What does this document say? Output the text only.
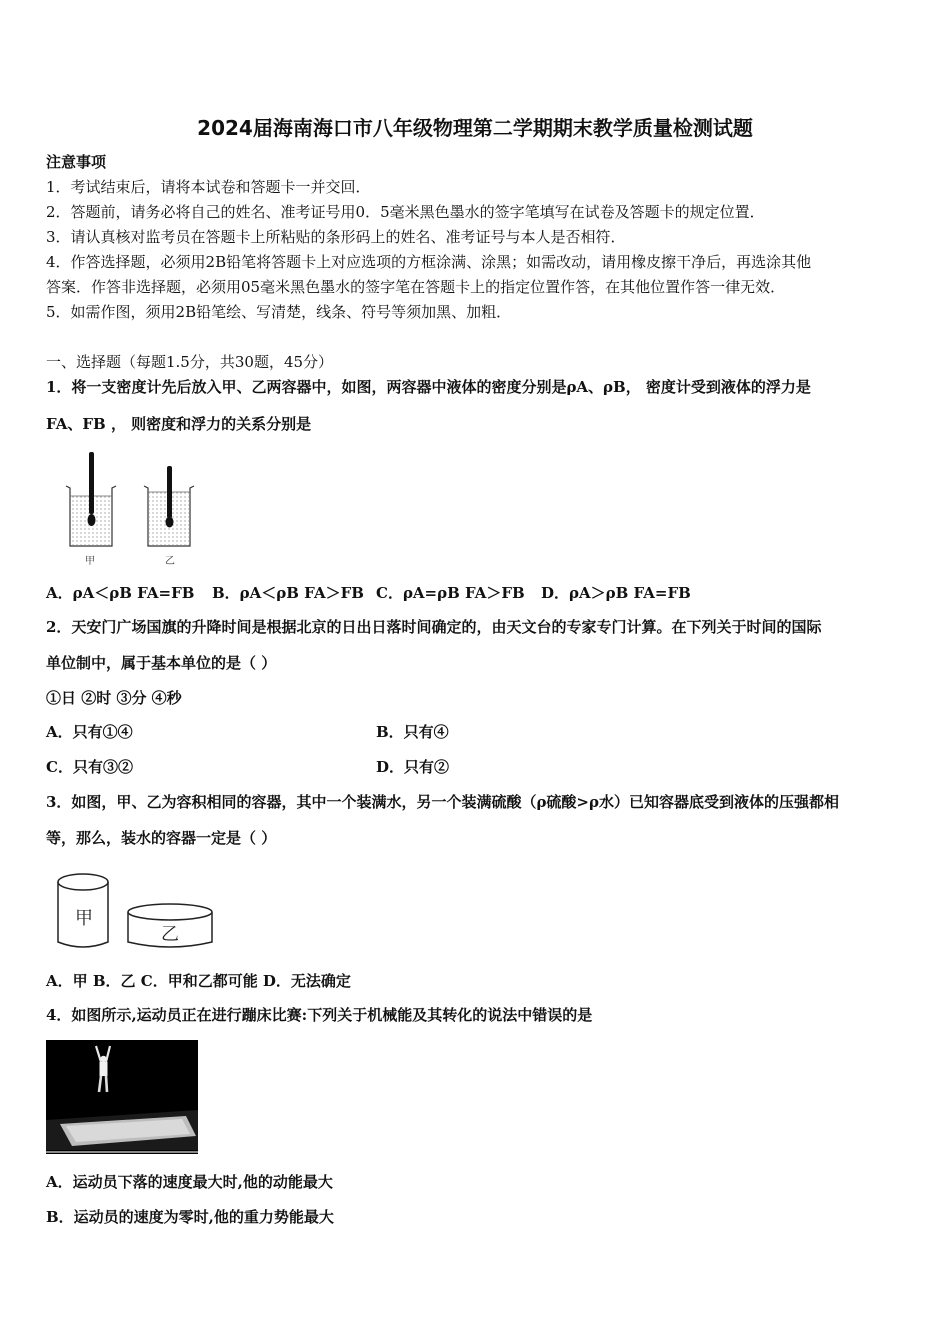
2024届海南海口市八年级物理第二学期期末教学质量检测试题
注意事项
1．考试结束后，请将本试卷和答题卡一并交回．
2．答题前，请务必将自己的姓名、准考证号用0．5毫米黑色墨水的签字笔填写在试卷及答题卡的规定位置．
3．请认真核对监考员在答题卡上所粘贴的条形码上的姓名、准考证号与本人是否相符．
4．作答选择题，必须用2B铅笔将答题卡上对应选项的方框涂满、涂黑；如需改动，请用橡皮擦干净后，再选涂其他
答案．作答非选择题，必须用05毫米黑色墨水的签字笔在答题卡上的指定位置作答，在其他位置作答一律无效．
5．如需作图，须用2B铅笔绘、写清楚，线条、符号等须加黑、加粗．
一、选择题（每题1.5分，共30题，45分）
1．将一支密度计先后放入甲、乙两容器中，如图，两容器中液体的密度分别是ρA、ρB， 密度计受到液体的浮力是
FA、FB ， 则密度和浮力的关系分别是
甲	乙
A．ρA＜ρB FA=FB B．ρA＜ρB FA＞FB C．ρA=ρB FA＞FB D．ρA＞ρB FA=FB
2．天安门广场国旗的升降时间是根据北京的日出日落时间确定的，由天文台的专家专门计算。在下列关于时间的国际
单位制中，属于基本单位的是（ ）
①日 ②时 ③分 ④秒
A．只有①④	B．只有④
C．只有③②	D．只有②
3．如图，甲、乙为容积相同的容器，其中一个装满水，另一个装满硫酸（ρ硫酸>ρ水）已知容器底受到液体的压强都相
等，那么，装水的容器一定是（ ）
甲
乙
A．甲 B．乙 C．甲和乙都可能 D．无法确定
4．如图所示,运动员正在进行蹦床比赛:下列关于机械能及其转化的说法中错误的是
A．运动员下落的速度最大时,他的动能最大
B．运动员的速度为零时,他的重力势能最大
